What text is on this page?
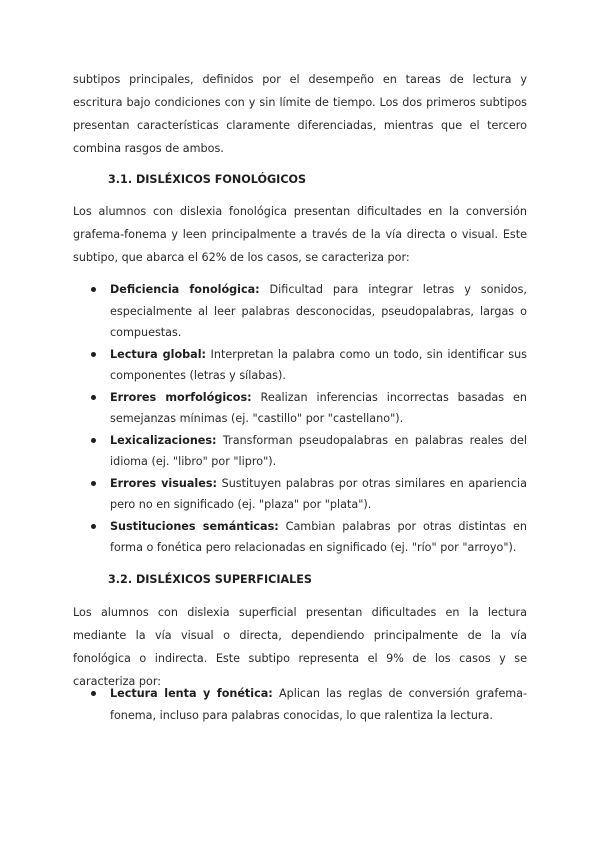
subtipos principales, definidos por el desempeño en tareas de lectura y escritura bajo condiciones con y sin límite de tiempo. Los dos primeros subtipos presentan características claramente diferenciadas, mientras que el tercero combina rasgos de ambos.

3.1. DISLÉXICOS FONOLÓGICOS

Los alumnos con dislexia fonológica presentan dificultades en la conversión grafema-fonema y leen principalmente a través de la vía directa o visual. Este subtipo, que abarca el 62% de los casos, se caracteriza por:

Deficiencia fonológica: Dificultad para integrar letras y sonidos, especialmente al leer palabras desconocidas, pseudopalabras, largas o compuestas.
Lectura global: Interpretan la palabra como un todo, sin identificar sus componentes (letras y sílabas).
Errores morfológicos: Realizan inferencias incorrectas basadas en semejanzas mínimas (ej. "castillo" por "castellano").
Lexicalizaciones: Transforman pseudopalabras en palabras reales del idioma (ej. "libro" por "lipro").
Errores visuales: Sustituyen palabras por otras similares en apariencia pero no en significado (ej. "plaza" por "plata").
Sustituciones semánticas: Cambian palabras por otras distintas en forma o fonética pero relacionadas en significado (ej. "río" por "arroyo").
3.2. DISLÉXICOS SUPERFICIALES

Los alumnos con dislexia superficial presentan dificultades en la lectura mediante la vía visual o directa, dependiendo principalmente de la vía fonológica o indirecta. Este subtipo representa el 9% de los casos y se caracteriza por:

Lectura lenta y fonética: Aplican las reglas de conversión grafema-fonema, incluso para palabras conocidas, lo que ralentiza la lectura.
